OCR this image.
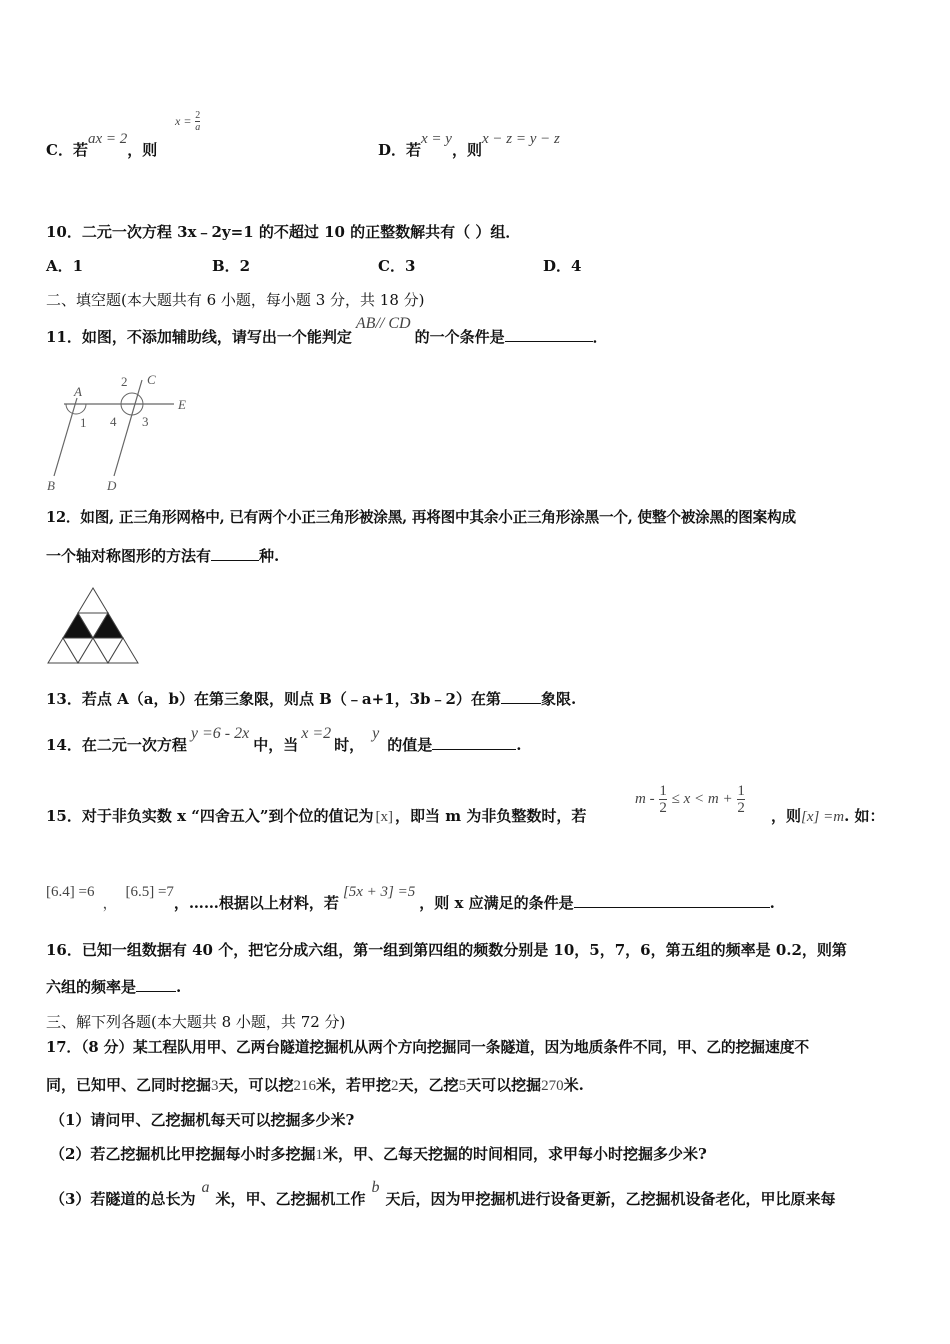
C．若ax = 2，则
$x = \frac{2}{a}$
D．若x = y，则x − z = y − z
10．二元一次方程 3x﹣2y=1 的不超过 10 的正整数解共有（ ）组．
A．1	B．2	C．3	D．4
二、填空题(本大题共有 6 小题，每小题 3 分，共 18 分)
11．如图，不添加辅助线，请写出一个能判定AB// CD的一个条件是	．
A
C
E
B	D
1
2
3
4
12．如图, 正三角形网格中, 已有两个小正三角形被涂黑, 再将图中其余小正三角形涂黑一个, 使整个被涂黑的图案构成
一个轴对称图形的方法有	种.
13．若点 A（a，b）在第三象限，则点 B（﹣a+1，3b﹣2）在第	象限.
14．在二元一次方程y =6 - 2x中，当x =2时，y的值是	.
15．对于非负实数 x “四舍五入”到个位的值记为 [x] ，即当 m 为非负整数时，若
$m - \frac{1}{2} \le x < m + \frac{1}{2}$ ，则[x] =m. 如：
[6.4] =6，[6.5] =7，……根据以上材料，若[5x + 3] =5，则 x 应满足的条件是	.
16．已知一组数据有 40 个，把它分成六组，第一组到第四组的频数分别是 10，5，7，6，第五组的频率是 0.2，则第
六组的频率是	.
三、解下列各题(本大题共 8 小题，共 72 分)
17．（8 分）某工程队用甲、乙两台隧道挖掘机从两个方向挖掘同一条隧道，因为地质条件不同，甲、乙的挖掘速度不
同，已知甲、乙同时挖掘3天，可以挖216米，若甲挖2天，乙挖5天可以挖掘270米.
（1）请问甲、乙挖掘机每天可以挖掘多少米?
（2）若乙挖掘机比甲挖掘每小时多挖掘1米，甲、乙每天挖掘的时间相同，求甲每小时挖掘多少米?
（3）若隧道的总长为a米，甲、乙挖掘机工作b天后，因为甲挖掘机进行设备更新，乙挖掘机设备老化，甲比原来每
